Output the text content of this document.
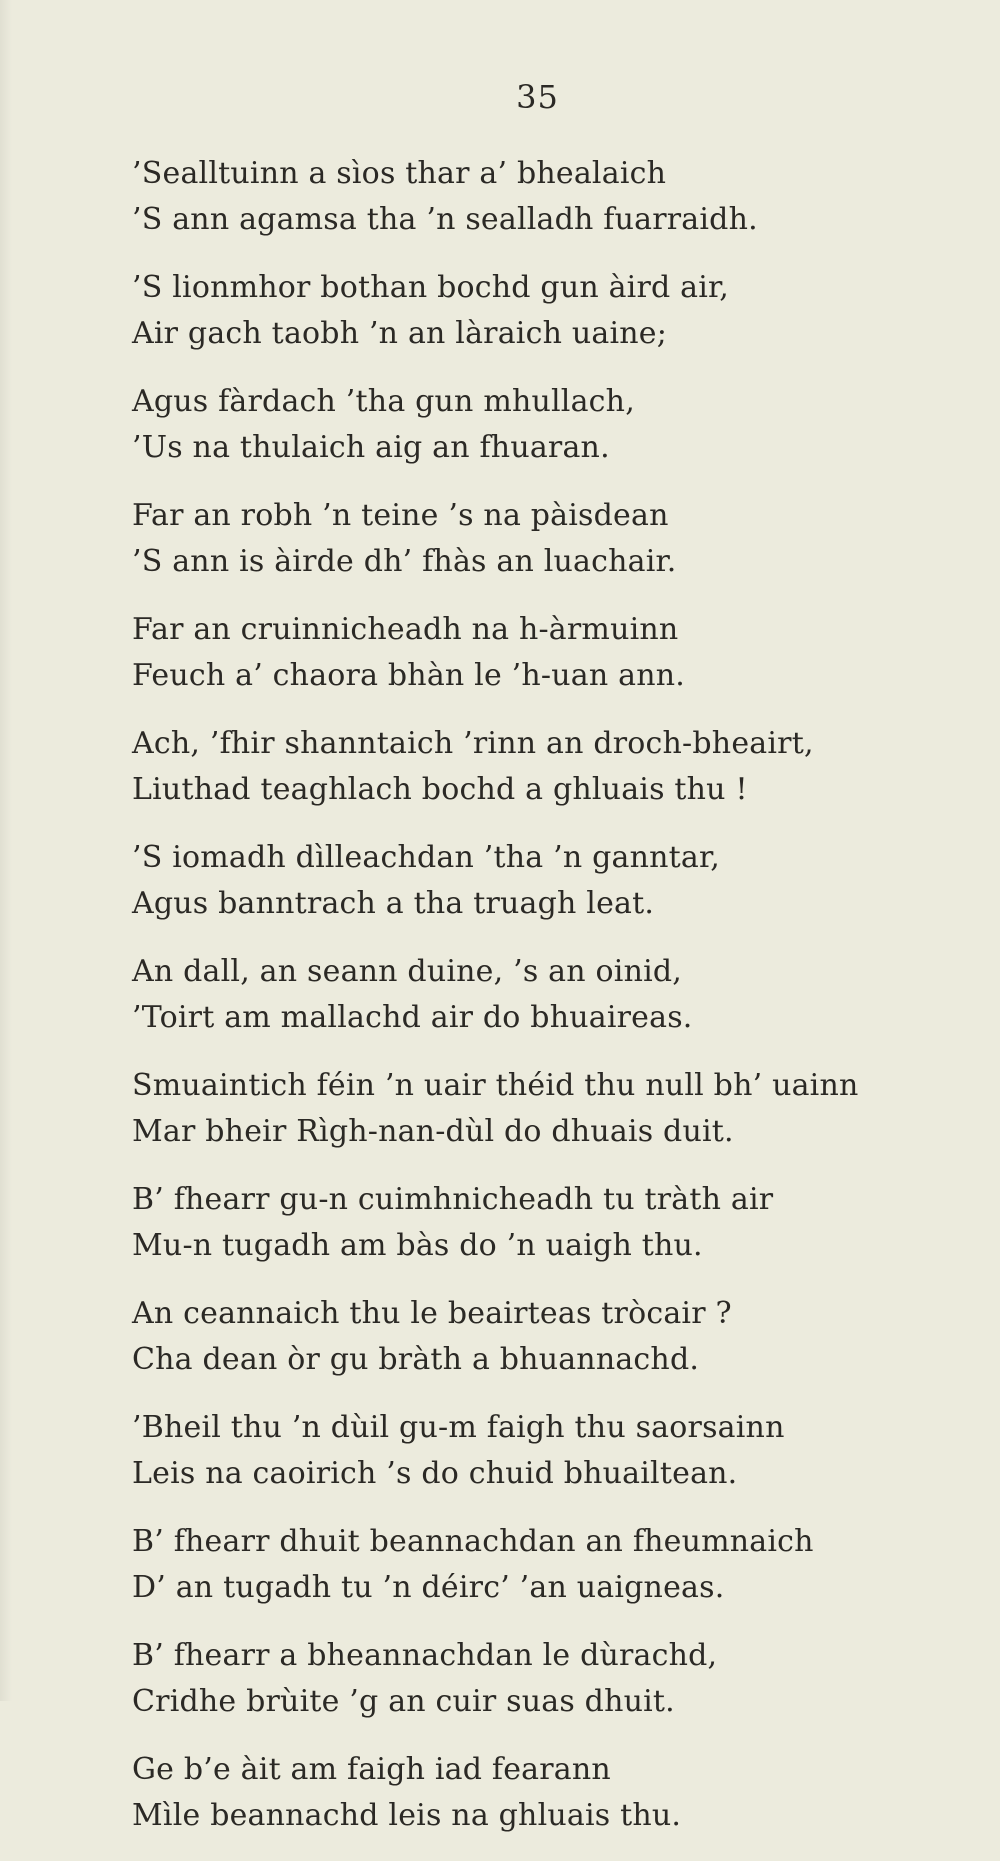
35
’Sealltuinn a sìos thar a’ bhealaich
’S ann agamsa tha ’n sealladh fuarraidh.
’S lionmhor bothan bochd gun àird air,
Air gach taobh ’n an làraich uaine;
Agus fàrdach ’tha gun mhullach,
’Us na thulaich aig an fhuaran.
Far an robh ’n teine ’s na pàisdean
’S ann is àirde dh’ fhàs an luachair.
Far an cruinnicheadh na h-àrmuinn
Feuch a’ chaora bhàn le ’h-uan ann.
Ach, ’fhir shanntaich ’rinn an droch-bheairt,
Liuthad teaghlach bochd a ghluais thu !
’S iomadh dìlleachdan ’tha ’n ganntar,
Agus banntrach a tha truagh leat.
An dall, an seann duine, ’s an oinid,
’Toirt am mallachd air do bhuaireas.
Smuaintich féin ’n uair théid thu null bh’ uainn
Mar bheir Rìgh-nan-dùl do dhuais duit.
B’ fhearr gu-n cuimhnicheadh tu tràth air
Mu-n tugadh am bàs do ’n uaigh thu.
An ceannaich thu le beairteas tròcair ?
Cha dean òr gu bràth a bhuannachd.
’Bheil thu ’n dùil gu-m faigh thu saorsainn
Leis na caoirich ’s do chuid bhuailtean.
B’ fhearr dhuit beannachdan an fheumnaich
D’ an tugadh tu ’n déirc’ ’an uaigneas.
B’ fhearr a bheannachdan le dùrachd,
Cridhe brùite ’g an cuir suas dhuit.
Ge b’e àit am faigh iad fearann
Mìle beannachd leis na ghluais thu.
